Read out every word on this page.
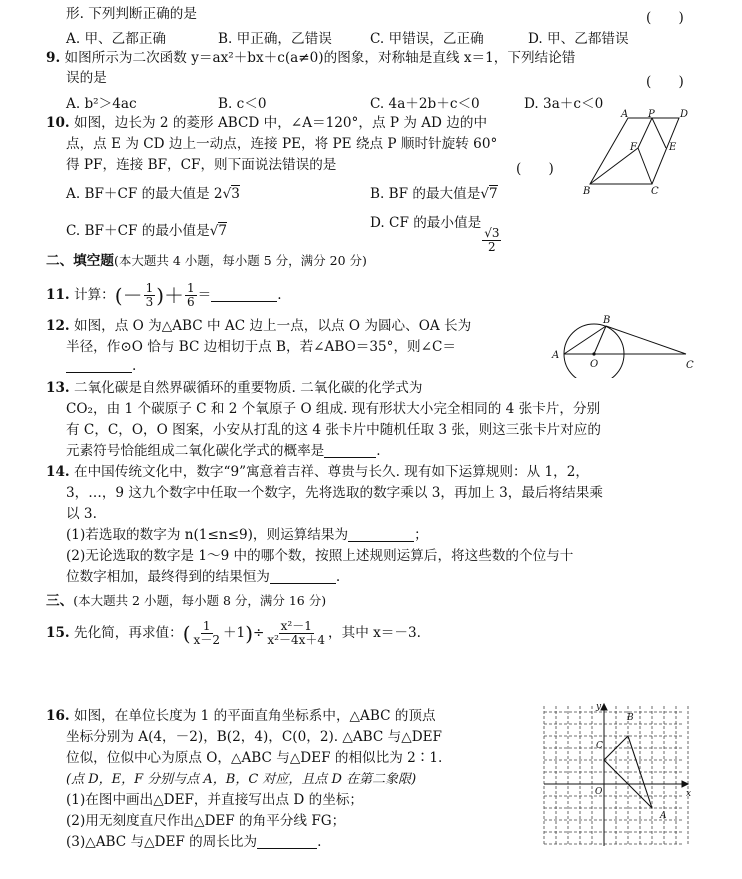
形. 下列判断正确的是	(　　)
A. 甲、乙都正确	B. 甲正确，乙错误	C. 甲错误，乙正确	D. 甲、乙都错误
9. 如图所示为二次函数 y＝ax²＋bx＋c(a≠0)的图象，对称轴是直线 x＝1，下列结论错
误的是	(　　)
A. b²＞4ac	B. c＜0	C. 4a＋2b＋c＜0	D. 3a＋c＜0
10. 如图，边长为 2 的菱形 ABCD 中，∠A＝120°，点 P 为 AD 边的中
点，点 E 为 CD 边上一动点，连接 PE，将 PE 绕点 P 顺时针旋转 60°
得 PF，连接 BF，CF，则下面说法错误的是	(　　)
A. BF＋CF 的最大值是 2√3	B. BF 的最大值是√7
C. BF＋CF 的最小值是√7	D. CF 的最小值是
$\frac{√3}{2}$
A P	D
F	E
B	C
二、填空题(本大题共 4 小题，每小题 5 分，满分 20 分)
11. 计算：(－ $\frac{1}{3}$ )＋ $\frac{1}{6}$ ＝	.
12. 如图，点 O 为△ABC 中 AC 边上一点，以点 O 为圆心、OA 长为
半径，作⊙O 恰与 BC 边相切于点 B，若∠ABO＝35°，则∠C＝
.
B
A
O	C
13. 二氧化碳是自然界碳循环的重要物质. 二氧化碳的化学式为
CO₂，由 1 个碳原子 C 和 2 个氧原子 O 组成. 现有形状大小完全相同的 4 张卡片，分别
有 C，C，O，O 图案，小安从打乱的这 4 张卡片中随机任取 3 张，则这三张卡片对应的
元素符号恰能组成二氧化碳化学式的概率是	.
14. 在中国传统文化中，数字“9”寓意着吉祥、尊贵与长久. 现有如下运算规则：从 1，2，
3，…，9 这九个数字中任取一个数字，先将选取的数字乘以 3，再加上 3，最后将结果乘
以 3.
(1)若选取的数字为 n(1≤n≤9)，则运算结果为	；
(2)无论选取的数字是 1～9 中的哪个数，按照上述规则运算后，将这些数的个位与十
位数字相加，最终得到的结果恒为	.
三、(本大题共 2 小题，每小题 8 分，满分 16 分)
15. 先化简，再求值：( $\frac{1}{x-2} +1)\div \frac{\text{x²－1}}{\text{x²－4x＋4}}$ ，其中 x＝－3.
16. 如图，在单位长度为 1 的平面直角坐标系中，△ABC 的顶点
坐标分别为 A(4，－2)，B(2，4)，C(0，2). △ABC 与△DEF
位似，位似中心为原点 O，△ABC 与△DEF 的相似比为 2∶1.
(点 D，E，F 分别与点 A，B，C 对应，且点 D 在第二象限)
(1)在图中画出△DEF，并直接写出点 D 的坐标；
(2)用无刻度直尺作出△DEF 的角平分线 FG；
(3)△ABC 与△DEF 的周长比为	.
y
x
O
B
C
A
